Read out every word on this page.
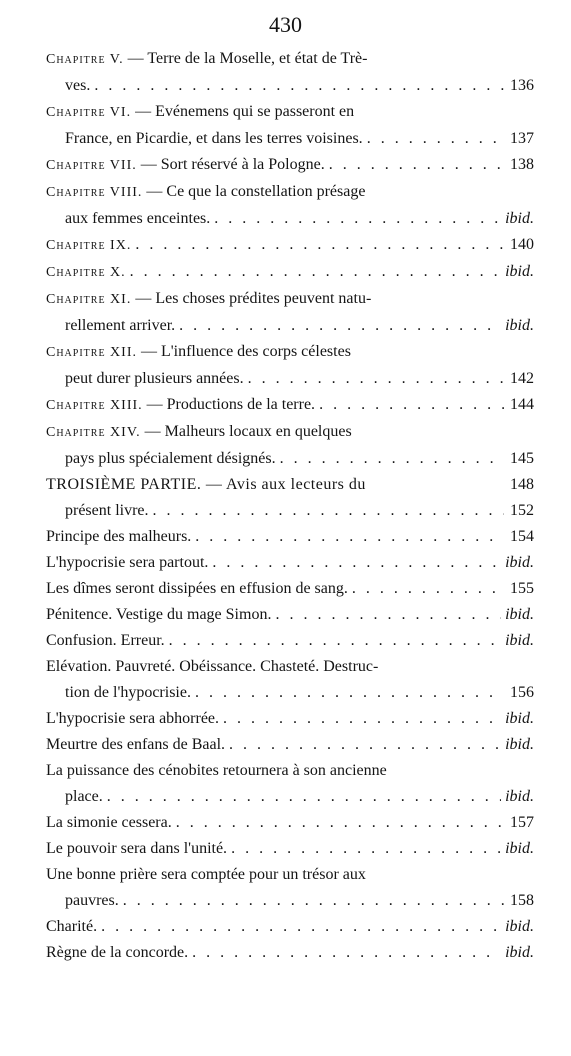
430
Chapitre V. — Terre de la Moselle, et état de Trè-
ves. . . .	136
Chapitre VI. — Evénemens qui se passeront en
France, en Picardie, et dans les terres voisines. . . .	137
Chapitre VII. — Sort réservé à la Pologne. . . .	138
Chapitre VIII. — Ce que la constellation présage
aux femmes enceintes. . . .	ibid.
Chapitre IX. . . .	140
Chapitre X. . . .	ibid.
Chapitre XI. — Les choses prédites peuvent natu-
rellement arriver. . . .	ibid.
Chapitre XII. — L'influence des corps célestes
peut durer plusieurs années. . . .	142
Chapitre XIII. — Productions de la terre. . . .	144
Chapitre XIV. — Malheurs locaux en quelques
pays plus spécialement désignés. . . .	145
TROISIÈME PARTIE. — Avis aux lecteurs du	148
présent livre. . . .	152
Principe des malheurs. . . .	154
L'hypocrisie sera partout. . . .	ibid.
Les dîmes seront dissipées en effusion de sang. . . .	155
Pénitence. Vestige du mage Simon. . . .	ibid.
Confusion. Erreur. . . .	ibid.
Elévation. Pauvreté. Obéissance. Chasteté. Destruc-
tion de l'hypocrisie. . . .	156
L'hypocrisie sera abhorrée. . . .	ibid.
Meurtre des enfans de Baal. . . .	ibid.
La puissance des cénobites retournera à son ancienne
place. . . .	ibid.
La simonie cessera. . . .	157
Le pouvoir sera dans l'unité. . . .	ibid.
Une bonne prière sera comptée pour un trésor aux
pauvres. . . .	158
Charité. . . .	ibid.
Règne de la concorde. . . .	ibid.
